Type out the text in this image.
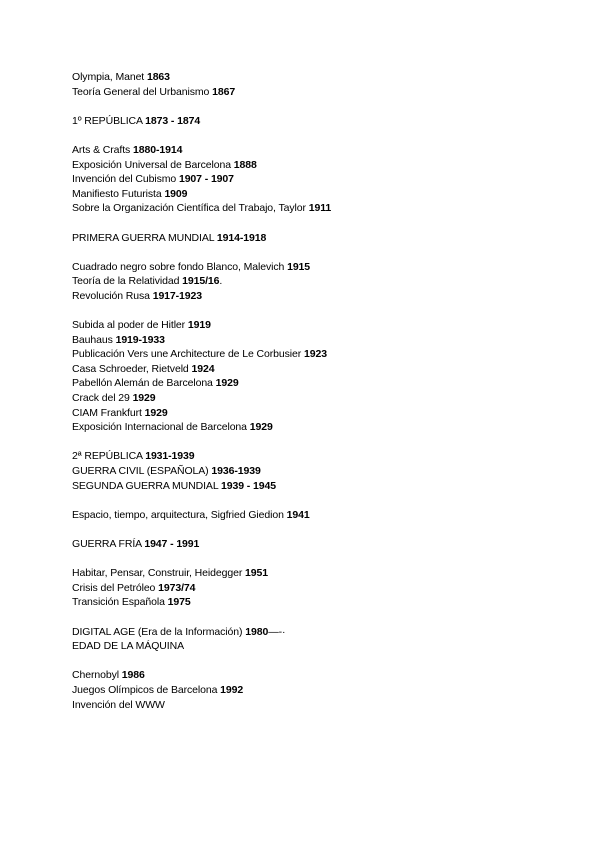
Olympia, Manet 1863
Teoría General del Urbanismo 1867
1º REPÚBLICA 1873 - 1874
Arts & Crafts 1880-1914
Exposición Universal de Barcelona 1888
Invención del Cubismo 1907 - 1907
Manifiesto Futurista 1909
Sobre la Organización Científica del Trabajo, Taylor 1911
PRIMERA GUERRA MUNDIAL 1914-1918
Cuadrado negro sobre fondo Blanco, Malevich 1915
Teoría de la Relatividad 1915/16.
Revolución Rusa 1917-1923
Subida al poder de Hitler 1919
Bauhaus 1919-1933
Publicación Vers une Architecture de Le Corbusier 1923
Casa Schroeder, Rietveld 1924
Pabellón Alemán de Barcelona 1929
Crack del 29 1929
CIAM Frankfurt 1929
Exposición Internacional de Barcelona 1929
2ª REPÚBLICA 1931-1939
GUERRA CIVIL (ESPAÑOLA) 1936-1939
SEGUNDA GUERRA MUNDIAL 1939 - 1945
Espacio, tiempo, arquitectura, Sigfried Giedion 1941
GUERRA FRÍA 1947 - 1991
Habitar, Pensar, Construir, Heidegger 1951
Crisis del Petróleo 1973/74
Transición Española 1975
DIGITAL AGE (Era de la Información) 1980—-·
EDAD DE LA MÁQUINA
Chernobyl 1986
Juegos Olímpicos de Barcelona 1992
Invención del WWW
